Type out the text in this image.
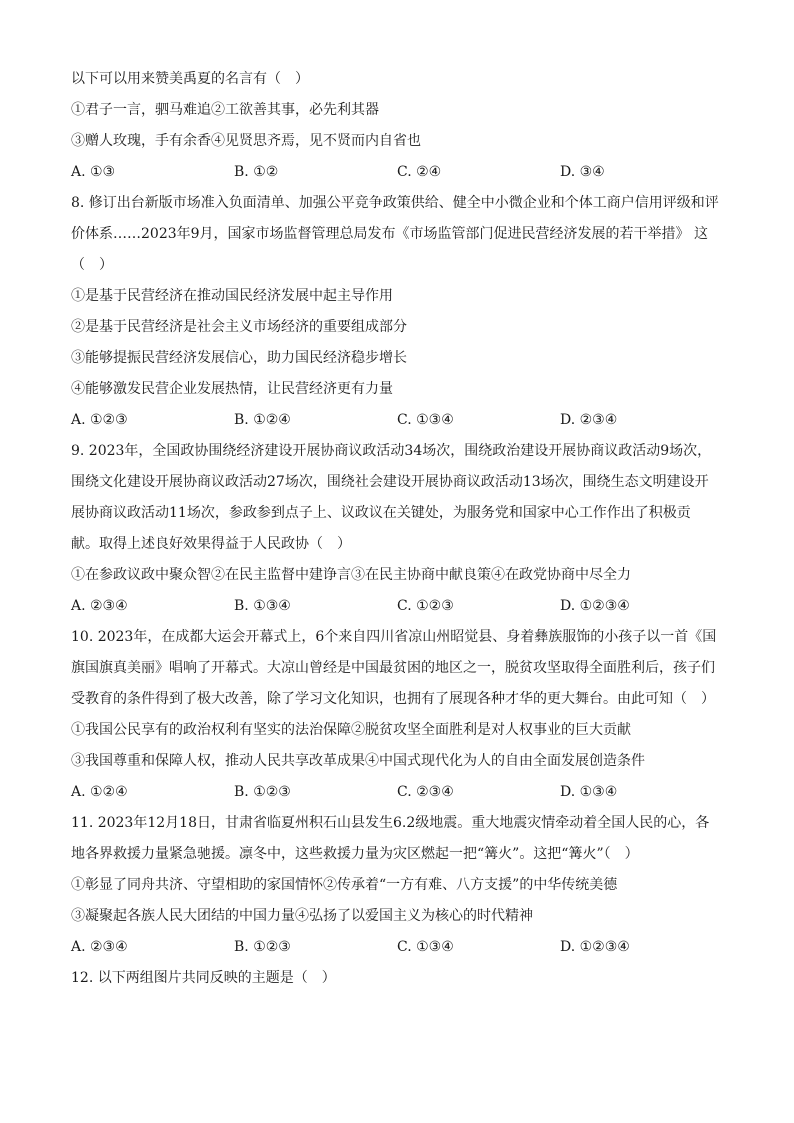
以下可以用来赞美禹夏的名言有（　）
①君子一言，驷马难追②工欲善其事，必先利其器
③赠人玫瑰，手有余香④见贤思齐焉，见不贤而内自省也
A. ①③	B. ①②	C. ②④	D. ③④
8. 修订出台新版市场准入负面清单、加强公平竞争政策供给、健全中小微企业和个体工商户信用评级和评
价体系……2023年9月，国家市场监督管理总局发布《市场监管部门促进民营经济发展的若干举措》 这
（　）
①是基于民营经济在推动国民经济发展中起主导作用
②是基于民营经济是社会主义市场经济的重要组成部分
③能够提振民营经济发展信心，助力国民经济稳步增长
④能够激发民营企业发展热情，让民营经济更有力量
A. ①②③	B. ①②④	C. ①③④	D. ②③④
9. 2023年，全国政协围绕经济建设开展协商议政活动34场次，围绕政治建设开展协商议政活动9场次，
围绕文化建设开展协商议政活动27场次，围绕社会建设开展协商议政活动13场次，围绕生态文明建设开
展协商议政活动11场次，参政参到点子上、议政议在关键处，为服务党和国家中心工作作出了积极贡
献。取得上述良好效果得益于人民政协（　）
①在参政议政中聚众智②在民主监督中建诤言③在民主协商中献良策④在政党协商中尽全力
A. ②③④	B. ①③④	C. ①②③	D. ①②③④
10. 2023年，在成都大运会开幕式上，6个来自四川省凉山州昭觉县、身着彝族服饰的小孩子以一首《国
旗国旗真美丽》唱响了开幕式。大凉山曾经是中国最贫困的地区之一，脱贫攻坚取得全面胜利后，孩子们
受教育的条件得到了极大改善，除了学习文化知识，也拥有了展现各种才华的更大舞台。由此可知（　）
①我国公民享有的政治权利有坚实的法治保障②脱贫攻坚全面胜利是对人权事业的巨大贡献
③我国尊重和保障人权，推动人民共享改革成果④中国式现代化为人的自由全面发展创造条件
A. ①②④	B. ①②③	C. ②③④	D. ①③④
11. 2023年12月18日，甘肃省临夏州积石山县发生6.2级地震。重大地震灾情牵动着全国人民的心，各
地各界救援力量紧急驰援。凛冬中，这些救援力量为灾区燃起一把“篝火”。这把“篝火”（　）
①彰显了同舟共济、守望相助的家国情怀②传承着“一方有难、八方支援”的中华传统美德
③凝聚起各族人民大团结的中国力量④弘扬了以爱国主义为核心的时代精神
A. ②③④	B. ①②③	C. ①③④	D. ①②③④
12. 以下两组图片共同反映的主题是（　）
